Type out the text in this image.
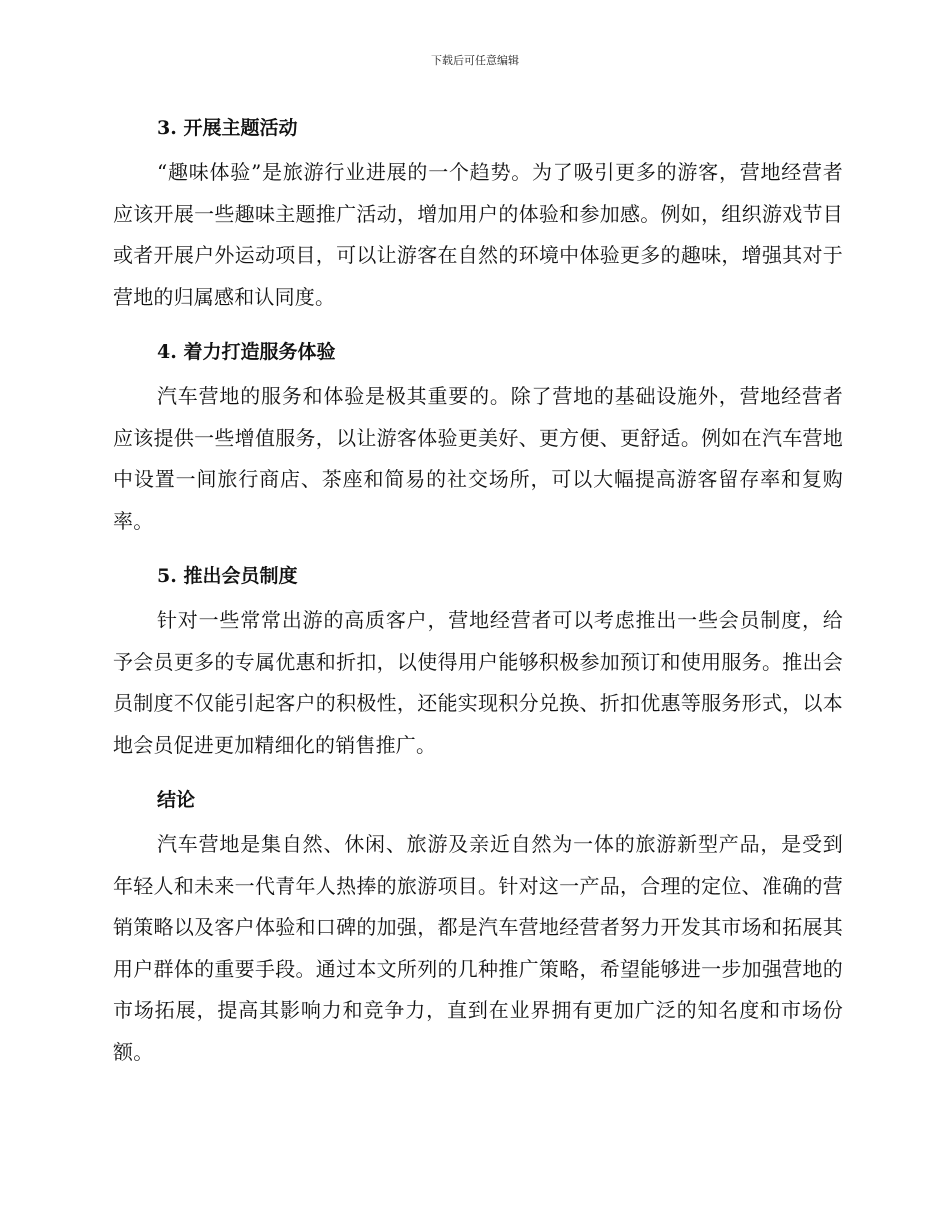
下载后可任意编辑
3. 开展主题活动

“趣味体验”是旅游行业进展的一个趋势。为了吸引更多的游客，营地经营者应该开展一些趣味主题推广活动，增加用户的体验和参加感。例如，组织游戏节目或者开展户外运动项目，可以让游客在自然的环境中体验更多的趣味，增强其对于营地的归属感和认同度。

4. 着力打造服务体验

汽车营地的服务和体验是极其重要的。除了营地的基础设施外，营地经营者应该提供一些增值服务，以让游客体验更美好、更方便、更舒适。例如在汽车营地中设置一间旅行商店、茶座和简易的社交场所，可以大幅提高游客留存率和复购率。

5. 推出会员制度

针对一些常常出游的高质客户，营地经营者可以考虑推出一些会员制度，给予会员更多的专属优惠和折扣，以使得用户能够积极参加预订和使用服务。推出会员制度不仅能引起客户的积极性，还能实现积分兑换、折扣优惠等服务形式，以本地会员促进更加精细化的销售推广。

结论

汽车营地是集自然、休闲、旅游及亲近自然为一体的旅游新型产品，是受到年轻人和未来一代青年人热捧的旅游项目。针对这一产品，合理的定位、准确的营销策略以及客户体验和口碑的加强，都是汽车营地经营者努力开发其市场和拓展其用户群体的重要手段。通过本文所列的几种推广策略，希望能够进一步加强营地的市场拓展，提高其影响力和竞争力，直到在业界拥有更加广泛的知名度和市场份额。
